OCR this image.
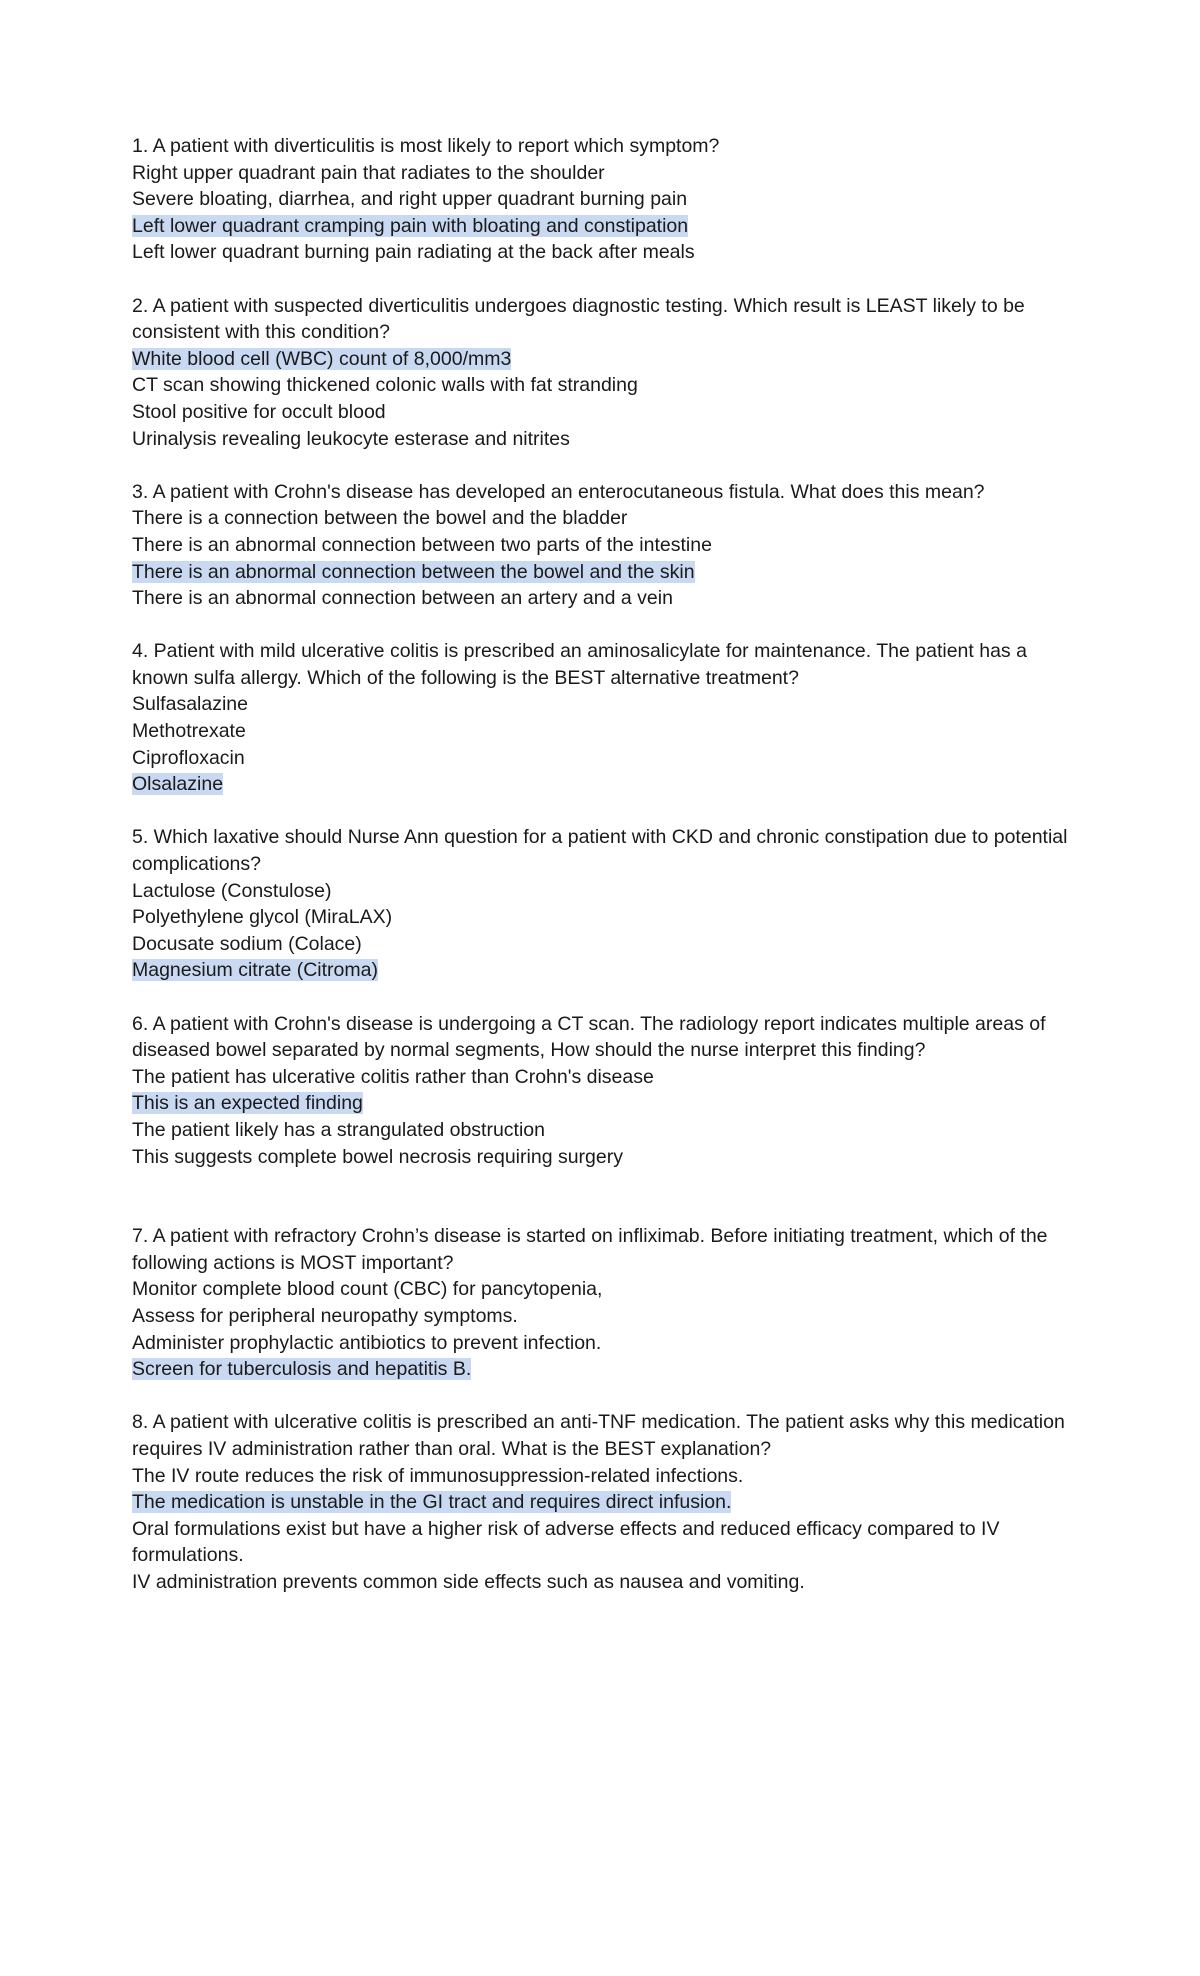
1. A patient with diverticulitis is most likely to report which symptom?
Right upper quadrant pain that radiates to the shoulder
Severe bloating, diarrhea, and right upper quadrant burning pain
Left lower quadrant cramping pain with bloating and constipation
Left lower quadrant burning pain radiating at the back after meals
2. A patient with suspected diverticulitis undergoes diagnostic testing. Which result is LEAST likely to be consistent with this condition?
White blood cell (WBC) count of 8,000/mm3
CT scan showing thickened colonic walls with fat stranding
Stool positive for occult blood
Urinalysis revealing leukocyte esterase and nitrites
3. A patient with Crohn's disease has developed an enterocutaneous fistula. What does this mean?
There is a connection between the bowel and the bladder
There is an abnormal connection between two parts of the intestine
There is an abnormal connection between the bowel and the skin
There is an abnormal connection between an artery and a vein
4. Patient with mild ulcerative colitis is prescribed an aminosalicylate for maintenance. The patient has a known sulfa allergy. Which of the following is the BEST alternative treatment?
Sulfasalazine
Methotrexate
Ciprofloxacin
Olsalazine
5. Which laxative should Nurse Ann question for a patient with CKD and chronic constipation due to potential complications?
Lactulose (Constulose)
Polyethylene glycol (MiraLAX)
Docusate sodium (Colace)
Magnesium citrate (Citroma)
6. A patient with Crohn's disease is undergoing a CT scan. The radiology report indicates multiple areas of diseased bowel separated by normal segments, How should the nurse interpret this finding?
The patient has ulcerative colitis rather than Crohn's disease
This is an expected finding
The patient likely has a strangulated obstruction
This suggests complete bowel necrosis requiring surgery
7. A patient with refractory Crohn’s disease is started on infliximab. Before initiating treatment, which of the following actions is MOST important?
Monitor complete blood count (CBC) for pancytopenia,
Assess for peripheral neuropathy symptoms.
Administer prophylactic antibiotics to prevent infection.
Screen for tuberculosis and hepatitis B.
8. A patient with ulcerative colitis is prescribed an anti-TNF medication. The patient asks why this medication requires IV administration rather than oral. What is the BEST explanation?
The IV route reduces the risk of immunosuppression-related infections.
The medication is unstable in the GI tract and requires direct infusion.
Oral formulations exist but have a higher risk of adverse effects and reduced efficacy compared to IV formulations.
IV administration prevents common side effects such as nausea and vomiting.
